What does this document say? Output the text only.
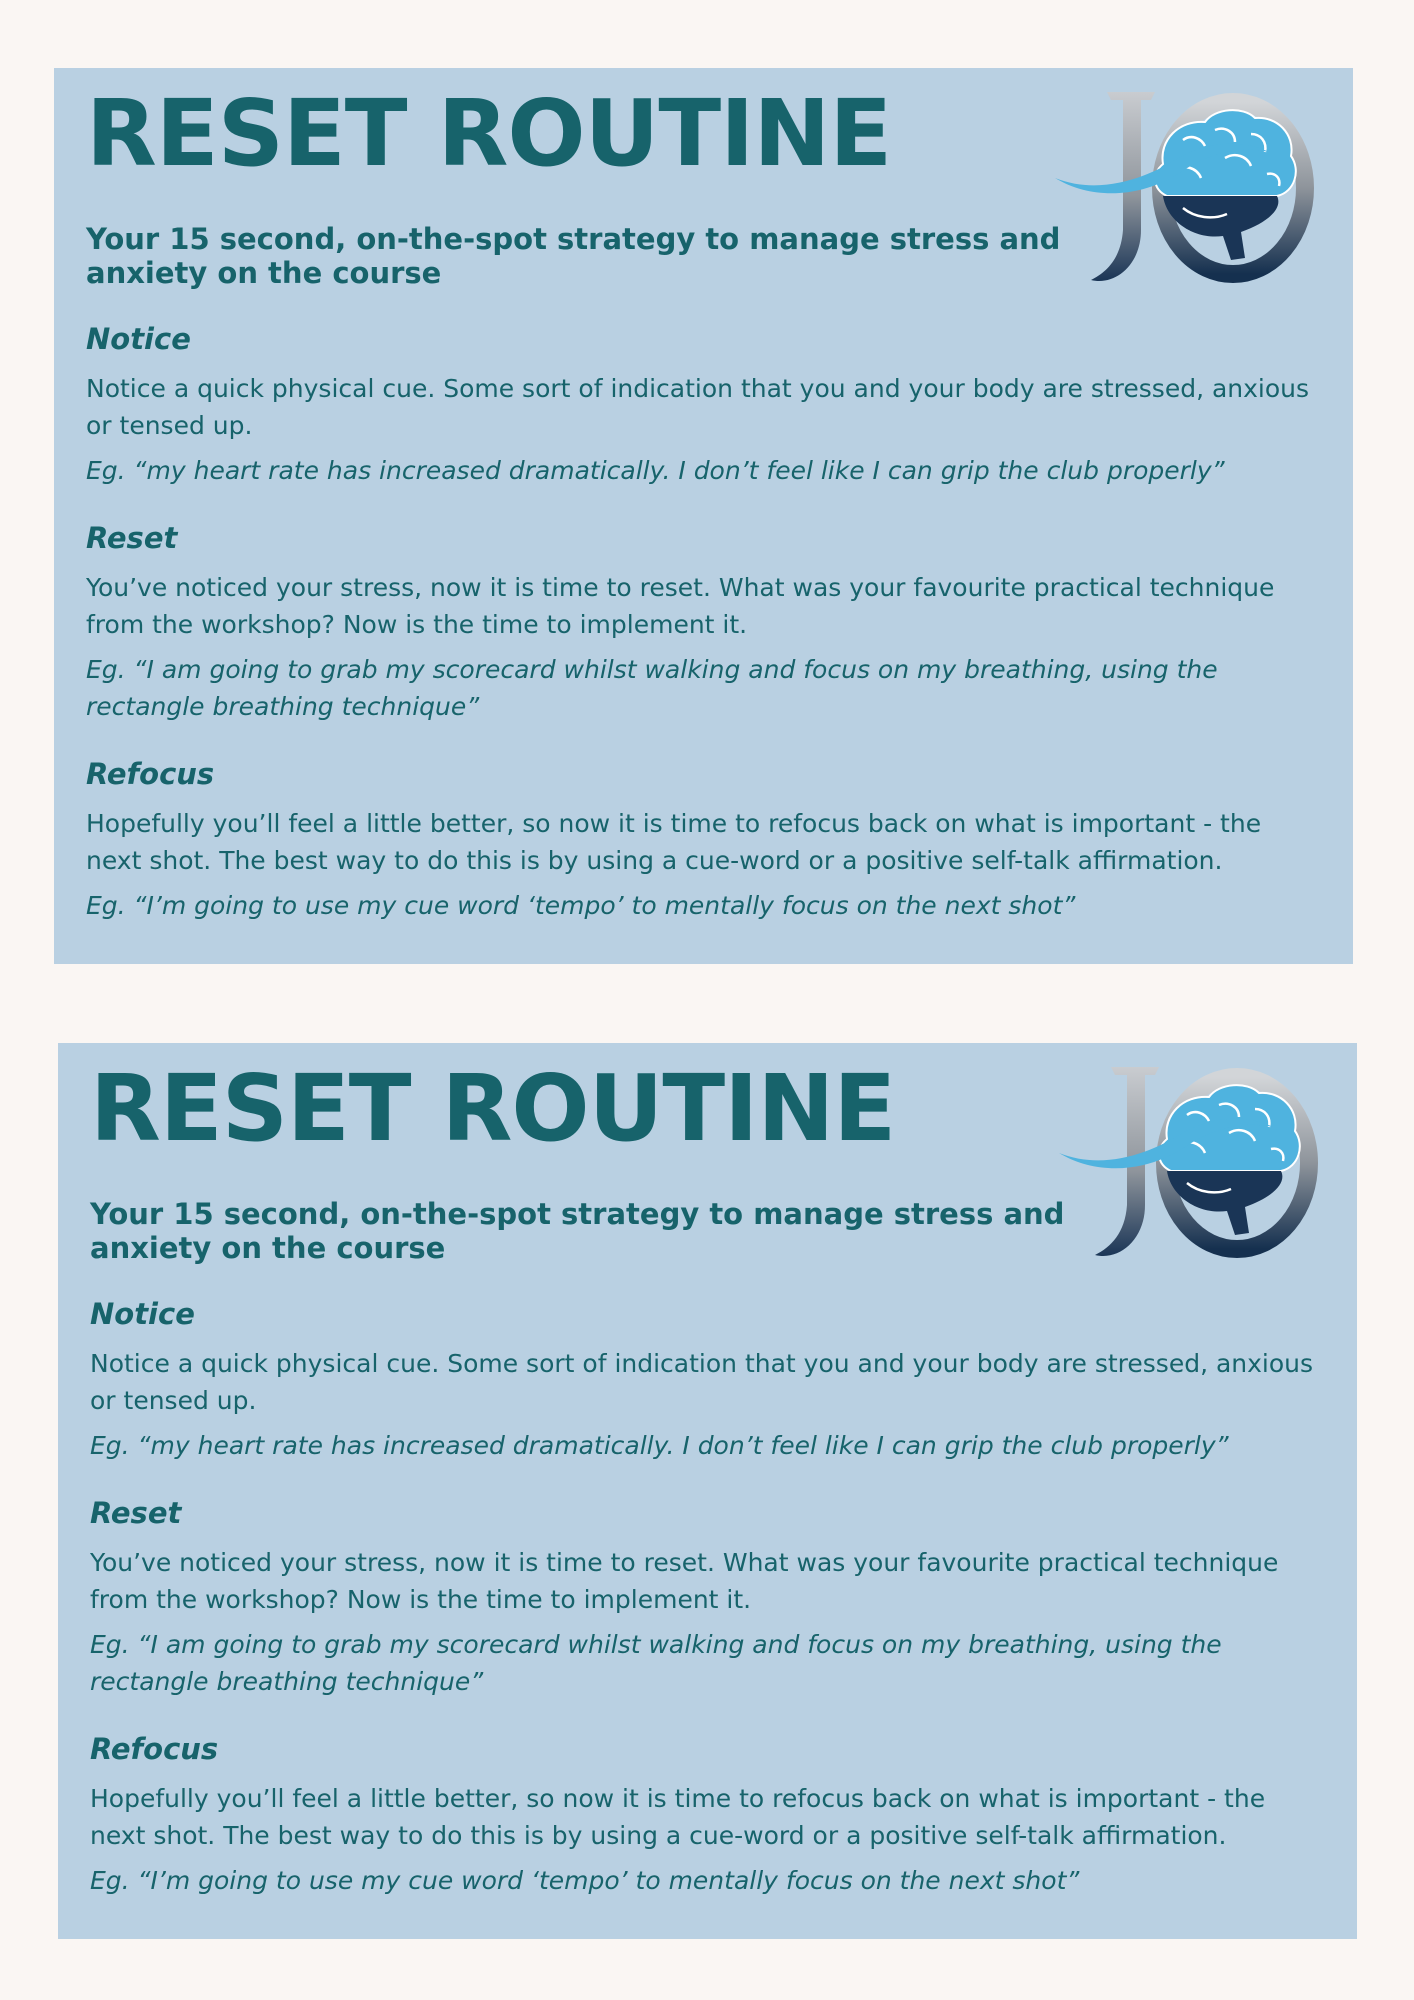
RESET ROUTINE

Your 15 second, on-the-spot strategy to manage stress and anxiety on the course

Notice

Notice a quick physical cue. Some sort of indication that you and your body are stressed, anxious or tensed up.

Eg. “my heart rate has increased dramatically. I don’t feel like I can grip the club properly”

Reset

You’ve noticed your stress, now it is time to reset. What was your favourite practical technique from the workshop? Now is the time to implement it.

Eg. “I am going to grab my scorecard whilst walking and focus on my breathing, using the rectangle breathing technique”

Refocus

Hopefully you’ll feel a little better, so now it is time to refocus back on what is important - the next shot. The best way to do this is by using a cue-word or a positive self-talk affirmation.

Eg. “I’m going to use my cue word ‘tempo’ to mentally focus on the next shot”

RESET ROUTINE

Your 15 second, on-the-spot strategy to manage stress and anxiety on the course

Notice

Notice a quick physical cue. Some sort of indication that you and your body are stressed, anxious or tensed up.

Eg. “my heart rate has increased dramatically. I don’t feel like I can grip the club properly”

Reset

You’ve noticed your stress, now it is time to reset. What was your favourite practical technique from the workshop? Now is the time to implement it.

Eg. “I am going to grab my scorecard whilst walking and focus on my breathing, using the rectangle breathing technique”

Refocus

Hopefully you’ll feel a little better, so now it is time to refocus back on what is important - the next shot. The best way to do this is by using a cue-word or a positive self-talk affirmation.

Eg. “I’m going to use my cue word ‘tempo’ to mentally focus on the next shot”
